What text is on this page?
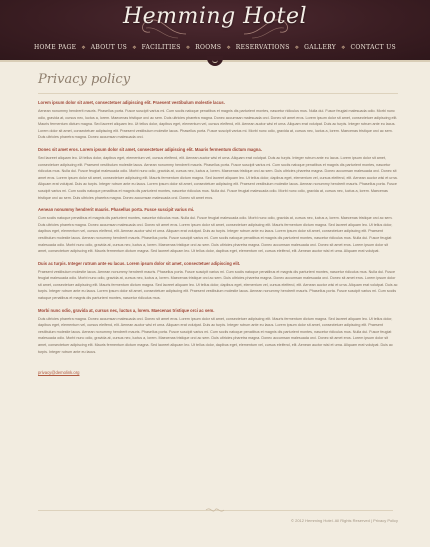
Hemming Hotel
HOME PAGE ❖ ABOUT US ❖ FACILITIES ❖ ROOMS ❖ RESERVATIONS ❖ GALLERY ❖ CONTACT US
Privacy policy

Lorem ipsum dolor sit amet, consectetuer adipiscing elit. Praesent vestibulum molestie lacus.

Aenean nonummy hendrerit mauris. Phasellus porta. Fusce suscipit varius mi. Cum sociis natoque penatibus et magnis dis parturient montes, nascetur ridiculus mus. Nulla dui. Fusce feugiat malesuada odio. Morbi nunc odio, gravida at, cursus nec, luctus a, lorem. Maecenas tristique orci ac sem. Duis ultricies pharetra magna. Donec accumsan malesuada orci. Donec sit amet eros. Lorem ipsum dolor sit amet, consectetuer adipiscing elit. Mauris fermentum dictum magna. Sed laoreet aliquam leo. Ut tellus dolor, dapibus eget, elementum vel, cursus eleifend, elit. Aenean auctor wisi et urna. Aliquam erat volutpat. Duis ac turpis. Integer rutrum ante eu lacus. Lorem dolor sit amet, consectetuer adipiscing elit. Praesent vestibulum molestie lacus. Phasellus porta. Fusce suscipit varius mi. Morbi nunc odio, gravida at, cursus nec, luctus a, lorem. Maecenas tristique orci ac sem. Duis ultricies pharetra magna. Donec accumsan malesuada orci.

Donec sit amet eros. Lorem ipsum dolor sit amet, consectetuer adipiscing elit. Mauris fermentum dictum magna.

Sed laoreet aliquam leo. Ut tellus dolor, dapibus eget, elementum vel, cursus eleifend, elit. Aenean auctor wisi et urna. Aliquam erat volutpat. Duis ac turpis. Integer rutrum ante eu lacus. Lorem ipsum dolor sit amet, consectetuer adipiscing elit. Praesent vestibulum molestie lacus. Aenean nonummy hendrerit mauris. Phasellus porta. Fusce suscipit varius mi. Cum sociis natoque penatibus et magnis dis parturient montes, nascetur ridiculus mus. Nulla dui. Fusce feugiat malesuada odio. Morbi nunc odio, gravida at, cursus nec, luctus a, lorem. Maecenas tristique orci ac sem. Duis ultricies pharetra magna. Donec accumsan malesuada orci. Donec sit amet eros. Lorem ipsum dolor sit amet, consectetuer adipiscing elit. Mauris fermentum dictum magna. Sed laoreet aliquam leo. Ut tellus dolor, dapibus eget, elementum vel, cursus eleifend, elit. Aenean auctor wisi et urna. Aliquam erat volutpat. Duis ac turpis. Integer rutrum ante eu lacus. Lorem ipsum dolor sit amet, consectetuer adipiscing elit. Praesent vestibulum molestie lacus. Aenean nonummy hendrerit mauris. Phasellus porta. Fusce suscipit varius mi. Cum sociis natoque penatibus et magnis dis parturient montes, nascetur ridiculus mus. Nulla dui. Fusce feugiat malesuada odio. Morbi nunc odio, gravida at, cursus nec, luctus a, lorem. Maecenas tristique orci ac sem. Duis ultricies pharetra magna. Donec accumsan malesuada orci. Donec sit amet eros.

Aenean nonummy hendrerit mauris. Phasellus porta. Fusce suscipit varius mi.

Cum sociis natoque penatibus et magnis dis parturient montes, nascetur ridiculus mus. Nulla dui. Fusce feugiat malesuada odio. Morbi nunc odio, gravida at, cursus nec, luctus a, lorem. Maecenas tristique orci ac sem. Duis ultricies pharetra magna. Donec accumsan malesuada orci. Donec sit amet eros. Lorem ipsum dolor sit amet, consectetuer adipiscing elit. Mauris fermentum dictum magna. Sed laoreet aliquam leo. Ut tellus dolor, dapibus eget, elementum vel, cursus eleifend, elit. Aenean auctor wisi et urna. Aliquam erat volutpat. Duis ac turpis. Integer rutrum ante eu lacus. Lorem ipsum dolor sit amet, consectetuer adipiscing elit. Praesent vestibulum molestie lacus. Aenean nonummy hendrerit mauris. Phasellus porta. Fusce suscipit varius mi. Cum sociis natoque penatibus et magnis dis parturient montes, nascetur ridiculus mus. Nulla dui. Fusce feugiat malesuada odio. Morbi nunc odio, gravida at, cursus nec, luctus a, lorem. Maecenas tristique orci ac sem. Duis ultricies pharetra magna. Donec accumsan malesuada orci. Donec sit amet eros. Lorem ipsum dolor sit amet, consectetuer adipiscing elit. Mauris fermentum dictum magna. Sed laoreet aliquam leo. Ut tellus dolor, dapibus eget, elementum vel, cursus eleifend, elit. Aenean auctor wisi et urna. Aliquam erat volutpat.

Duis ac turpis. Integer rutrum ante eu lacus. Lorem ipsum dolor sit amet, consectetuer adipiscing elit.

Praesent vestibulum molestie lacus. Aenean nonummy hendrerit mauris. Phasellus porta. Fusce suscipit varius mi. Cum sociis natoque penatibus et magnis dis parturient montes, nascetur ridiculus mus. Nulla dui. Fusce feugiat malesuada odio. Morbi nunc odio, gravida at, cursus nec, luctus a, lorem. Maecenas tristique orci ac sem. Duis ultricies pharetra magna. Donec accumsan malesuada orci. Donec sit amet eros. Lorem ipsum dolor sit amet, consectetuer adipiscing elit. Mauris fermentum dictum magna. Sed laoreet aliquam leo. Ut tellus dolor, dapibus eget, elementum vel, cursus eleifend, elit. Aenean auctor wisi et urna. Aliquam erat volutpat. Duis ac turpis. Integer rutrum ante eu lacus. Lorem ipsum dolor sit amet, consectetuer adipiscing elit. Praesent vestibulum molestie lacus. Aenean nonummy hendrerit mauris. Phasellus porta. Fusce suscipit varius mi. Cum sociis natoque penatibus et magnis dis parturient montes, nascetur ridiculus mus.

Morbi nunc odio, gravida at, cursus nec, luctus a, lorem. Maecenas tristique orci ac sem.

Duis ultricies pharetra magna. Donec accumsan malesuada orci. Donec sit amet eros. Lorem ipsum dolor sit amet, consectetuer adipiscing elit. Mauris fermentum dictum magna. Sed laoreet aliquam leo. Ut tellus dolor, dapibus eget, elementum vel, cursus eleifend, elit. Aenean auctor wisi et urna. Aliquam erat volutpat. Duis ac turpis. Integer rutrum ante eu lacus. Lorem ipsum dolor sit amet, consectetuer adipiscing elit. Praesent vestibulum molestie lacus. Aenean nonummy hendrerit mauris. Phasellus porta. Fusce suscipit varius mi. Cum sociis natoque penatibus et magnis dis parturient montes, nascetur ridiculus mus. Nulla dui. Fusce feugiat malesuada odio. Morbi nunc odio, gravida at, cursus nec, luctus a, lorem. Maecenas tristique orci ac sem. Duis ultricies pharetra magna. Donec accumsan malesuada orci. Donec sit amet eros. Lorem ipsum dolor sit amet, consectetuer adipiscing elit. Mauris fermentum dictum magna. Sed laoreet aliquam leo. Ut tellus dolor, dapibus eget, elementum vel, cursus eleifend, elit. Aenean auctor wisi et urna. Aliquam erat volutpat. Duis ac turpis. Integer rutrum ante eu lacus.

privacy@demolink.org
© 2012 Hemming Hotel. All Rights Reserved | Privacy Policy
